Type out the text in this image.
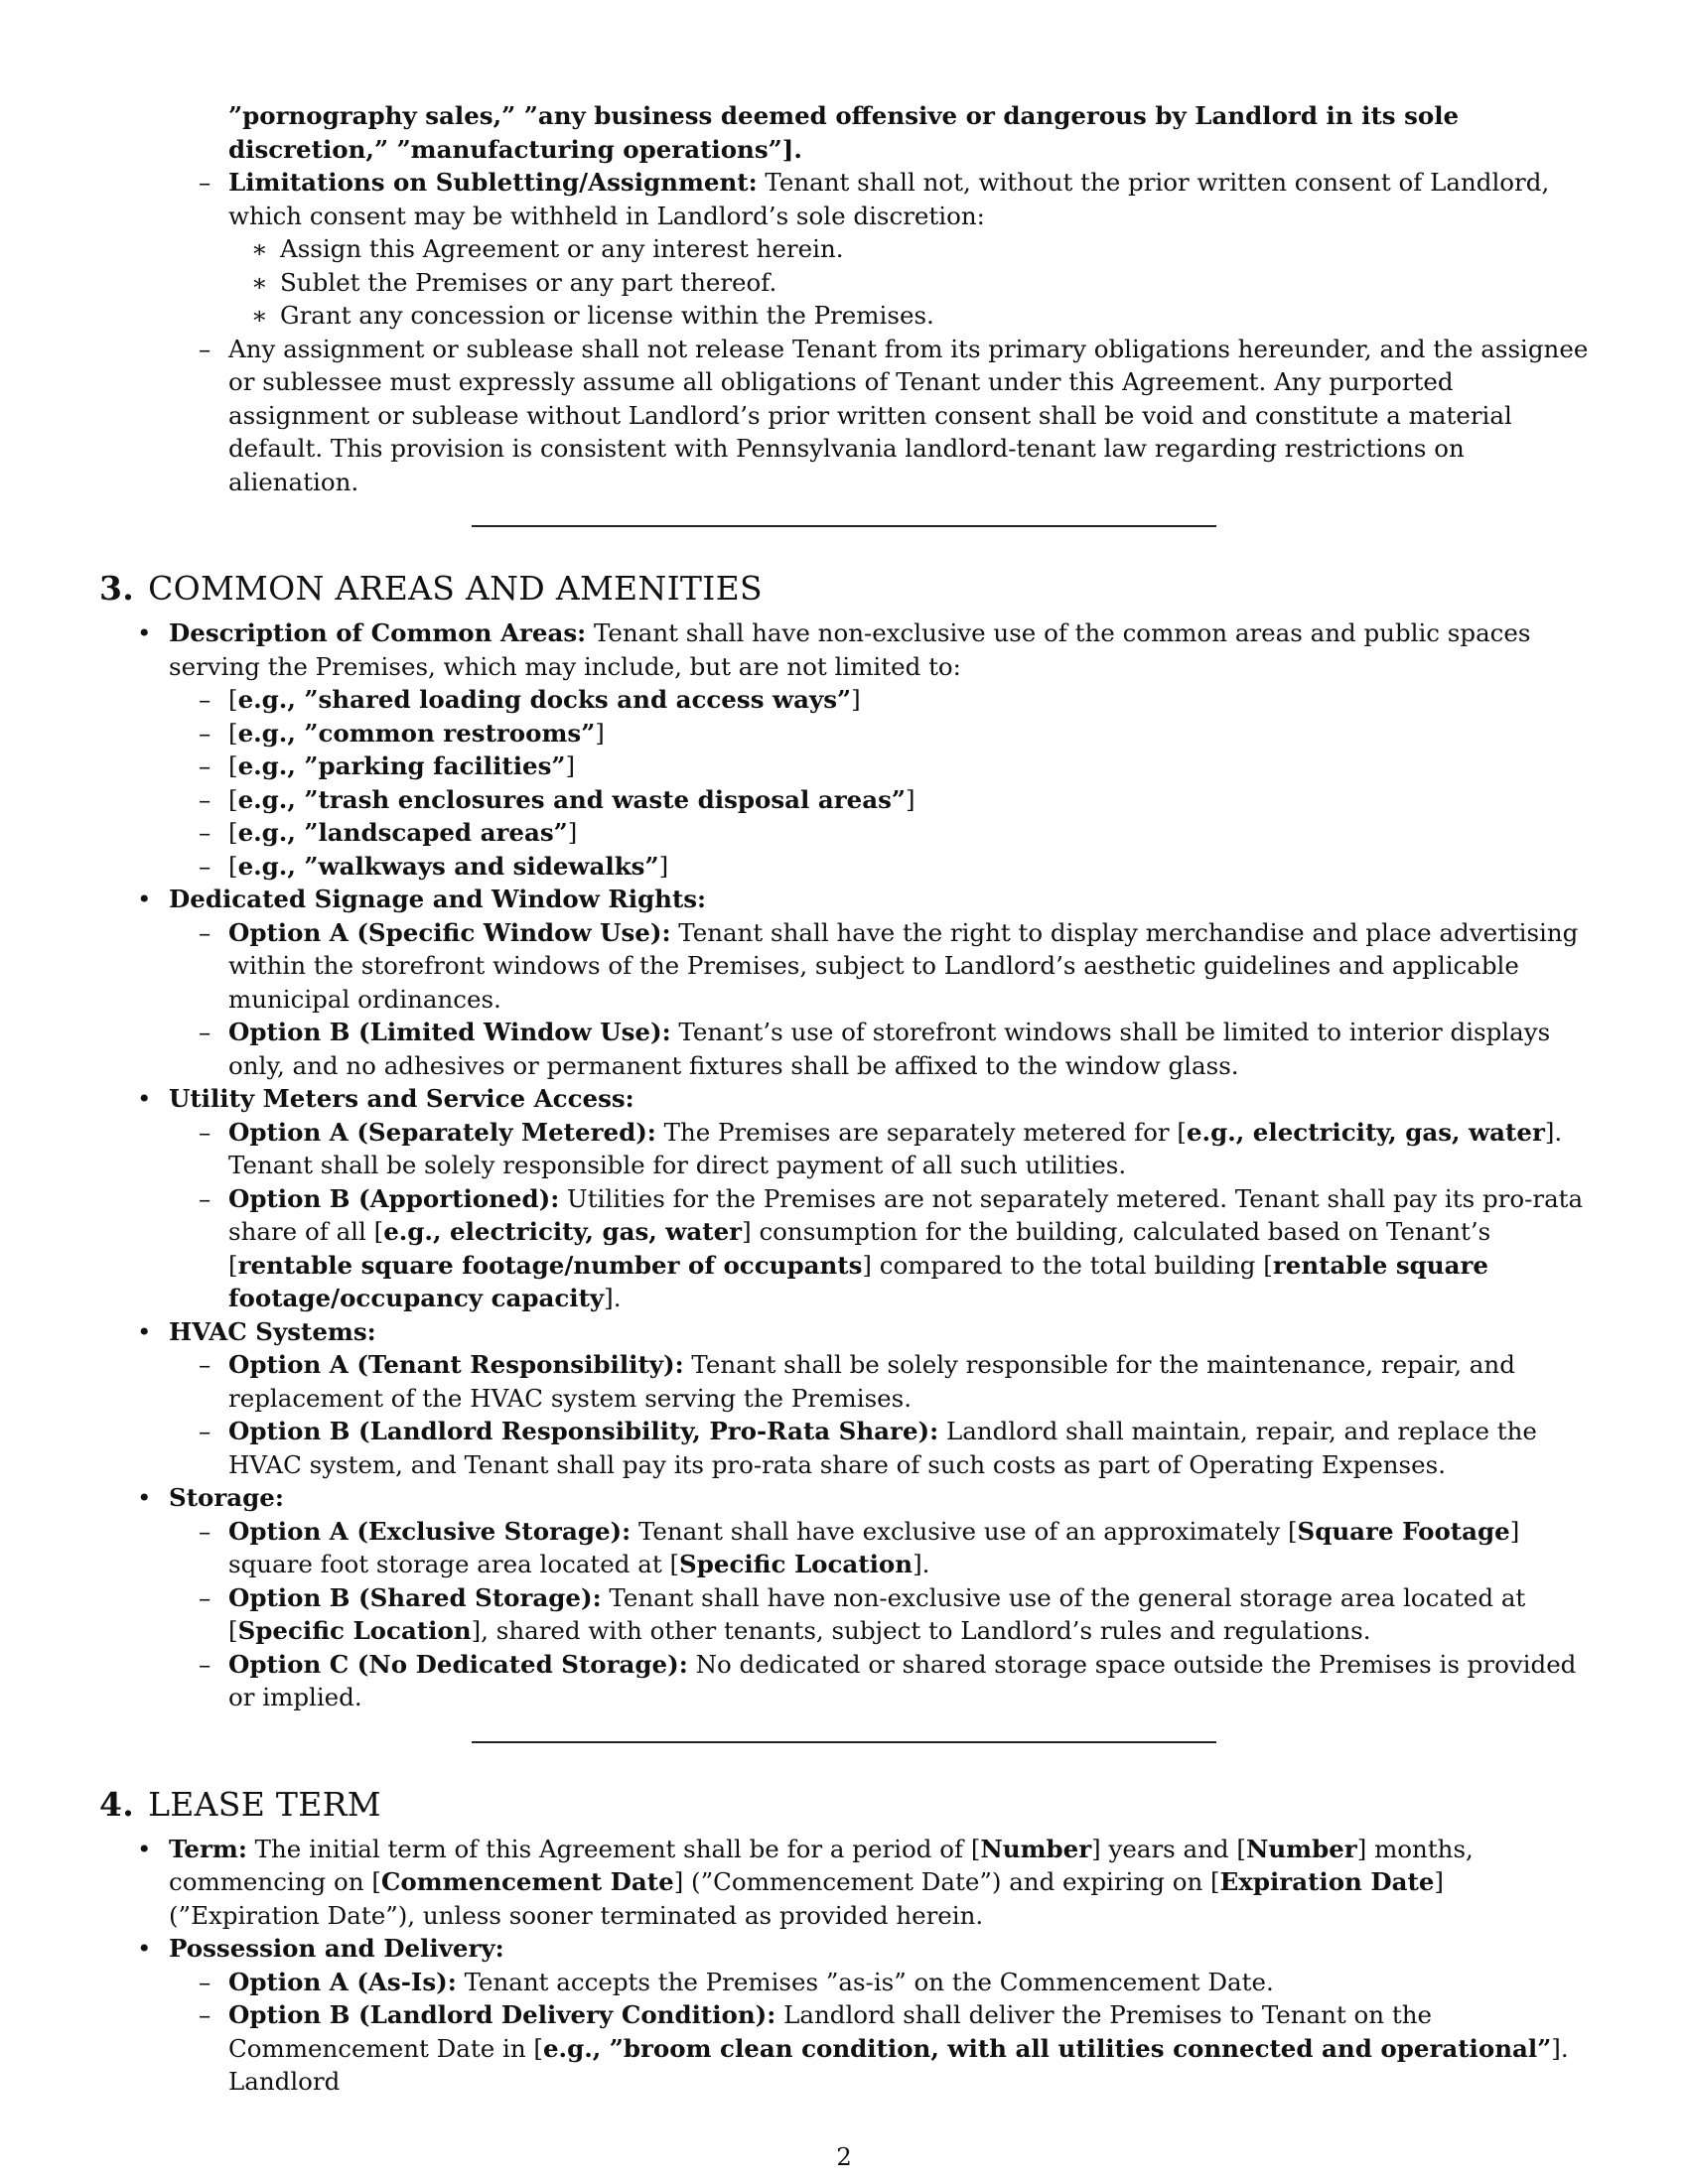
”pornography sales,” ”any business deemed offensive or dangerous by Landlord in its sole discretion,” ”manufacturing operations”].

– Limitations on Subletting/Assignment: Tenant shall not, without the prior written consent of Landlord, which consent may be withheld in Landlord’s sole discretion:

∗ Assign this Agreement or any interest herein.

∗ Sublet the Premises or any part thereof.

∗ Grant any concession or license within the Premises.

– Any assignment or sublease shall not release Tenant from its primary obligations hereunder, and the assignee or sublessee must expressly assume all obligations of Tenant under this Agreement. Any purported assignment or sublease without Landlord’s prior written consent shall be void and constitute a material default. This provision is consistent with Pennsylvania landlord-tenant law regarding restrictions on alienation.

3. COMMON AREAS AND AMENITIES

• Description of Common Areas: Tenant shall have non-exclusive use of the common areas and public spaces serving the Premises, which may include, but are not limited to:

– [e.g., ”shared loading docks and access ways”]

– [e.g., ”common restrooms”]

– [e.g., ”parking facilities”]

– [e.g., ”trash enclosures and waste disposal areas”]

– [e.g., ”landscaped areas”]

– [e.g., ”walkways and sidewalks”]

• Dedicated Signage and Window Rights:

– Option A (Specific Window Use): Tenant shall have the right to display merchandise and place advertising within the storefront windows of the Premises, subject to Landlord’s aesthetic guidelines and applicable municipal ordinances.

– Option B (Limited Window Use): Tenant’s use of storefront windows shall be limited to interior displays only, and no adhesives or permanent fixtures shall be affixed to the window glass.

• Utility Meters and Service Access:

– Option A (Separately Metered): The Premises are separately metered for [e.g., electricity, gas, water]. Tenant shall be solely responsible for direct payment of all such utilities.

– Option B (Apportioned): Utilities for the Premises are not separately metered. Tenant shall pay its pro-rata share of all [e.g., electricity, gas, water] consumption for the building, calculated based on Tenant’s [rentable square footage/number of occupants] compared to the total building [rentable square footage/occupancy capacity].

• HVAC Systems:

– Option A (Tenant Responsibility): Tenant shall be solely responsible for the maintenance, repair, and replacement of the HVAC system serving the Premises.

– Option B (Landlord Responsibility, Pro-Rata Share): Landlord shall maintain, repair, and replace the HVAC system, and Tenant shall pay its pro-rata share of such costs as part of Operating Expenses.

• Storage:

– Option A (Exclusive Storage): Tenant shall have exclusive use of an approximately [Square Footage] square foot storage area located at [Specific Location].

– Option B (Shared Storage): Tenant shall have non-exclusive use of the general storage area located at [Specific Location], shared with other tenants, subject to Landlord’s rules and regulations.

– Option C (No Dedicated Storage): No dedicated or shared storage space outside the Premises is provided or implied.

4. LEASE TERM

• Term: The initial term of this Agreement shall be for a period of [Number] years and [Number] months, commencing on [Commencement Date] (”Commencement Date”) and expiring on [Expiration Date] (”Expiration Date”), unless sooner terminated as provided herein.

• Possession and Delivery:

– Option A (As-Is): Tenant accepts the Premises ”as-is” on the Commencement Date.

– Option B (Landlord Delivery Condition): Landlord shall deliver the Premises to Tenant on the Commencement Date in [e.g., ”broom clean condition, with all utilities connected and operational”]. Landlord

2
